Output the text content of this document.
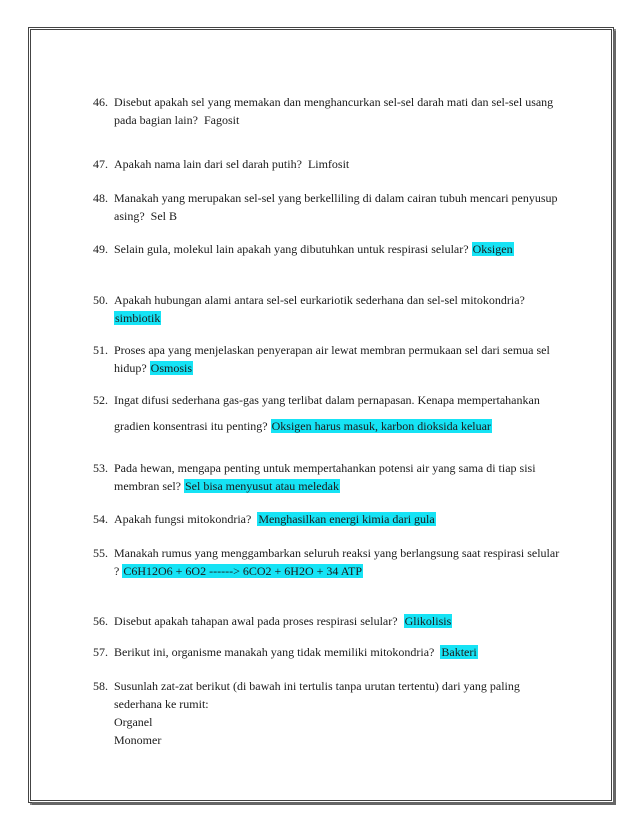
46. Disebut apakah sel yang memakan dan menghancurkan sel-sel darah mati dan sel-sel usang pada bagian lain? Fagosit
47. Apakah nama lain dari sel darah putih? Limfosit
48. Manakah yang merupakan sel-sel yang berkelliling di dalam cairan tubuh mencari penyusup asing? Sel B
49. Selain gula, molekul lain apakah yang dibutuhkan untuk respirasi selular? Oksigen
50. Apakah hubungan alami antara sel-sel eurkariotik sederhana dan sel-sel mitokondria?
simbiotik
51. Proses apa yang menjelaskan penyerapan air lewat membran permukaan sel dari semua sel hidup? Osmosis
52. Ingat difusi sederhana gas-gas yang terlibat dalam pernapasan. Kenapa mempertahankan gradien konsentrasi itu penting? Oksigen harus masuk, karbon dioksida keluar
53. Pada hewan, mengapa penting untuk mempertahankan potensi air yang sama di tiap sisi membran sel? Sel bisa menyusut atau meledak
54. Apakah fungsi mitokondria? Menghasilkan energi kimia dari gula
55. Manakah rumus yang menggambarkan seluruh reaksi yang berlangsung saat respirasi selular ? C6H12O6 + 6O2 ------> 6CO2 + 6H2O + 34 ATP
56. Disebut apakah tahapan awal pada proses respirasi selular? Glikolisis
57. Berikut ini, organisme manakah yang tidak memiliki mitokondria? Bakteri
58. Susunlah zat-zat berikut (di bawah ini tertulis tanpa urutan tertentu) dari yang paling sederhana ke rumit:
Organel
Monomer
